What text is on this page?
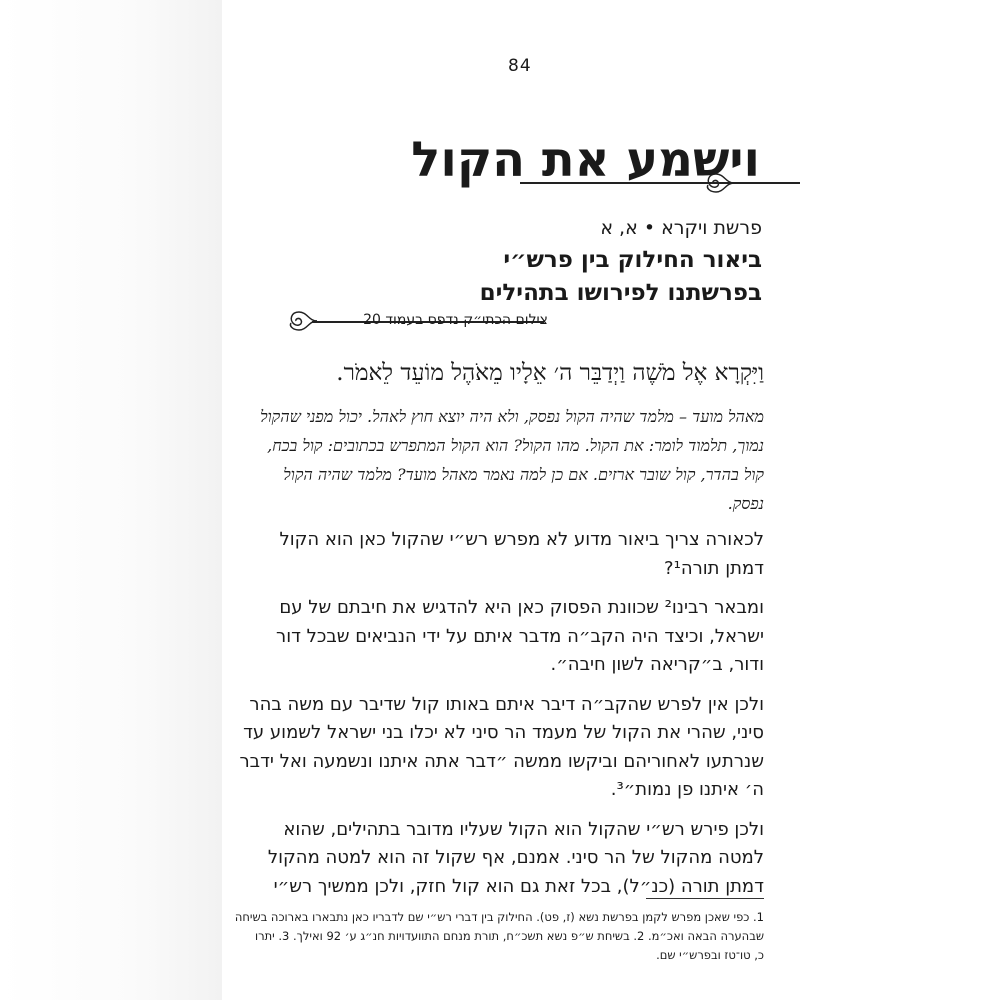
84
וישמע את הקול
פרשת ויקרא • א, א
ביאור החילוק בין פרש״י
בפרשתנו לפירושו בתהילים
צילום הכתי״ק נדפס בעמוד 20
וַיִּקְרָא אֶל מֹשֶׁה וַיְדַבֵּר ה׳ אֵלָיו מֵאֹהֶל מוֹעֵד לֵאמֹר.
מאהל מועד – מלמד שהיה הקול נפסק, ולא היה יוצא חוץ לאהל. יכול מפני שהקול נמוך, תלמוד לומר: את הקול. מהו הקול? הוא הקול המתפרש בכתובים: קול בכח, קול בהדר, קול שובר ארזים. אם כן למה נאמר מאהל מועד? מלמד שהיה הקול נפסק.

לכאורה צריך ביאור מדוע לא מפרש רש״י שהקול כאן הוא הקול דמתן תורה¹?

ומבאר רבינו² שכוונת הפסוק כאן היא להדגיש את חיבתם של עם ישראל, וכיצד היה הקב״ה מדבר איתם על ידי הנביאים שבכל דור ודור, ב״קריאה לשון חיבה״.

ולכן אין לפרש שהקב״ה דיבר איתם באותו קול שדיבר עם משה בהר סיני, שהרי את הקול של מעמד הר סיני לא יכלו בני ישראל לשמוע עד שנרתעו לאחוריהם וביקשו ממשה ״דבר אתה איתנו ונשמעה ואל ידבר ה׳ איתנו פן נמות״³.

ולכן פירש רש״י שהקול הוא הקול שעליו מדובר בתהילים, שהוא למטה מהקול של הר סיני. אמנם, אף שקול זה הוא למטה מהקול דמתן תורה (כנ״ל), בכל זאת גם הוא קול חזק, ולכן ממשיך רש״י

1. כפי שאכן מפרש לקמן בפרשת נשא (ז, פט). החילוק בין דברי רש״י שם לדבריו כאן נתבארו בארוכה בשיחה
שבהערה הבאה ואכ״מ. 2. בשיחת ש״פ נשא תשכ״ח, תורת מנחם התוועדויות חנ״ג ע׳ 92 ואילך. 3. יתרו
כ, טו־טז ובפרש״י שם.
